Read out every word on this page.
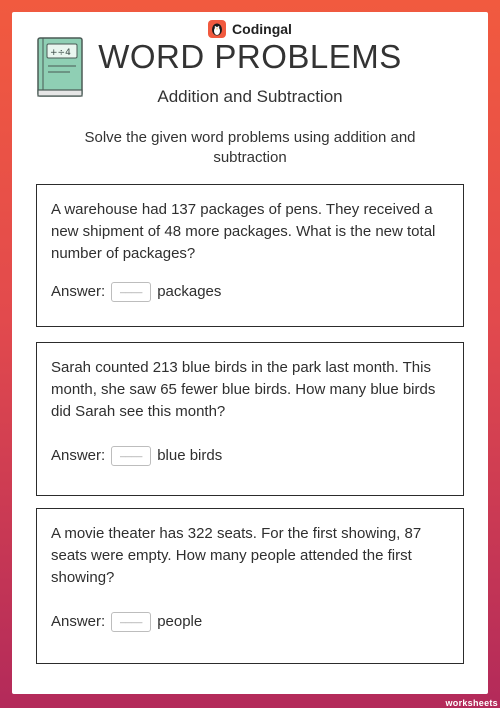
Codingal
+÷4 WORD PROBLEMS
Addition and Subtraction
Solve the given word problems using addition and subtraction
A warehouse had 137 packages of pens. They received a new shipment of 48 more packages. What is the new total number of packages?
Answer:	____ packages
Sarah counted 213 blue birds in the park last month. This month, she saw 65 fewer blue birds. How many blue birds did Sarah see this month?
Answer:	____ blue birds
A movie theater has 322 seats. For the first showing, 87 seats were empty. How many people attended the first showing?
Answer:	____ people
TOP
worksheets
